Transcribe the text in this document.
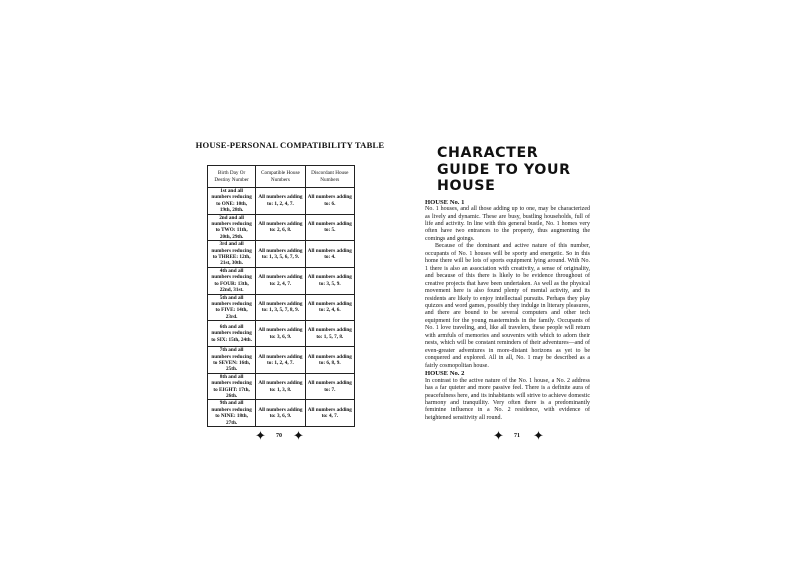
HOUSE-PERSONAL COMPATIBILITY TABLE
Birth Day Or Destiny Number	Compatible House Numbers	Discordant House Numbers
1st and all numbers reducing to ONE: 10th, 19th, 28th.	All numbers adding to: 1, 2, 4, 7.	All numbers adding to: 6.
2nd and all numbers reducing to TWO: 11th, 20th, 29th.	All numbers adding to: 2, 6, 8.	All numbers adding to: 5.
3rd and all numbers reducing to THREE: 12th, 21st, 30th.	All numbers adding to: 1, 3, 5, 6, 7, 9.	All numbers adding to: 4.
4th and all numbers reducing to FOUR: 13th, 22nd, 31st.	All numbers adding to: 2, 4, 7.	All numbers adding to: 3, 5, 9.
5th and all numbers reducing to FIVE: 14th, 23rd.	All numbers adding to: 1, 3, 5, 7, 8, 9.	All numbers adding to: 2, 4, 6.
6th and all numbers reducing to SIX: 15th, 24th.	All numbers adding to: 3, 6, 9.	All numbers adding to: 1, 5, 7, 8.
7th and all numbers reducing to SEVEN: 16th, 25th.	All numbers adding to: 1, 2, 4, 7.	All numbers adding to: 6, 8, 9.
8th and all numbers reducing to EIGHT: 17th, 26th.	All numbers adding to: 1, 3, 8.	All numbers adding to: 7.
9th and all numbers reducing to NINE: 18th, 27th.	All numbers adding to: 3, 6, 9.	All numbers adding to: 4, 7.
✦ 70 ✦
CHARACTER GUIDE TO YOUR HOUSE
HOUSE No. 1

No. 1 houses, and all those adding up to one, may be characterized as lively and dynamic. These are busy, bustling households, full of life and activity. In line with this general bustle, No. 1 homes very often have two entrances to the property, thus augmenting the comings and goings.

Because of the dominant and active nature of this number, occupants of No. 1 houses will be sporty and energetic. So in this home there will be lots of sports equipment lying around. With No. 1 there is also an association with creativity, a sense of originality, and because of this there is likely to be evidence throughout of creative projects that have been undertaken. As well as the physical movement here is also found plenty of mental activity, and its residents are likely to enjoy intellectual pursuits. Perhaps they play quizzes and word games, possibly they indulge in literary pleasures, and there are bound to be several computers and other tech equipment for the young masterminds in the family. Occupants of No. 1 love traveling, and, like all travelers, these people will return with armfuls of memories and souvenirs with which to adorn their nests, which will be constant reminders of their adventures—and of even-greater adventures in more-distant horizons as yet to be conquered and explored. All in all, No. 1 may be described as a fairly cosmopolitan house.

HOUSE No. 2

In contrast to the active nature of the No. 1 house, a No. 2 address has a far quieter and more passive feel. There is a definite aura of peacefulness here, and its inhabitants will strive to achieve domestic harmony and tranquility. Very often there is a predominantly feminine influence in a No. 2 residence, with evidence of heightened sensitivity all round.

✦ 71 ✦
